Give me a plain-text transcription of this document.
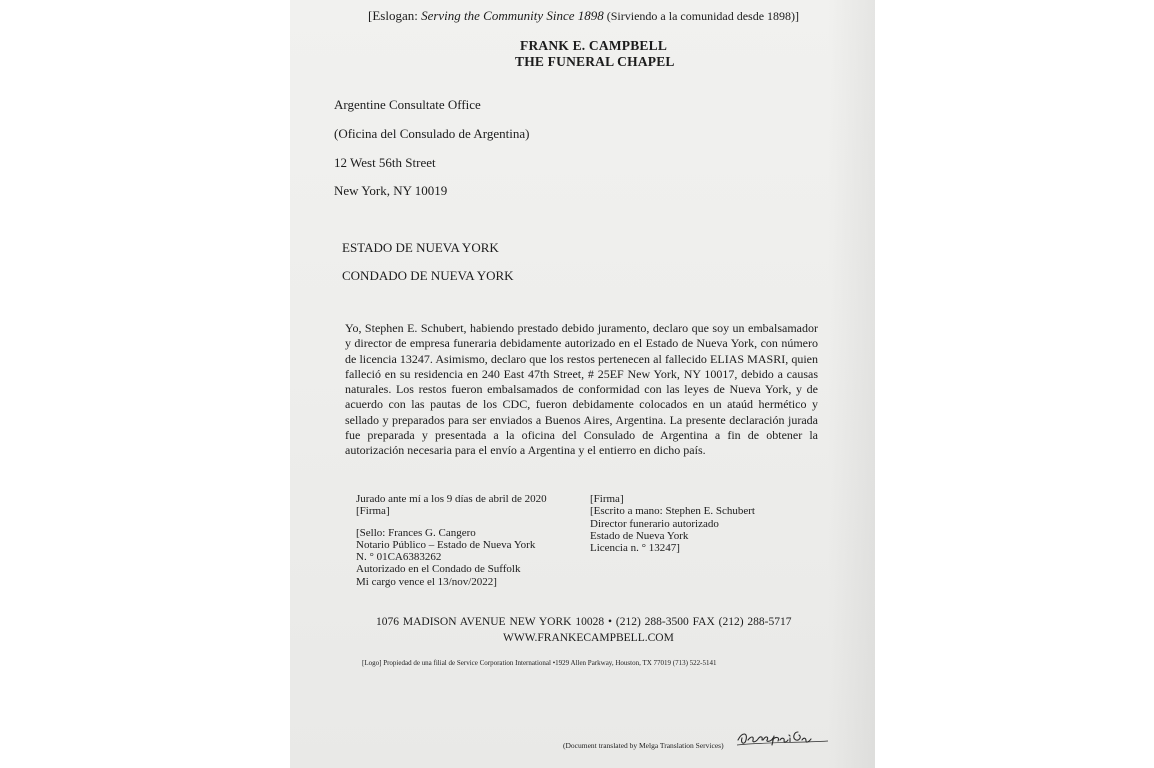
[Eslogan: Serving the Community Since 1898 (Sirviendo a la comunidad desde 1898)]
FRANK E. CAMPBELL
THE FUNERAL CHAPEL
Argentine Consultate Office
(Oficina del Consulado de Argentina)
12 West 56th Street
New York, NY 10019
ESTADO DE NUEVA YORK
CONDADO DE NUEVA YORK
Yo, Stephen E. Schubert, habiendo prestado debido juramento, declaro que soy un embalsamador y director de empresa funeraria debidamente autorizado en el Estado de Nueva York, con número de licencia 13247. Asimismo, declaro que los restos pertenecen al fallecido ELIAS MASRI, quien falleció en su residencia en 240 East 47th Street, # 25EF New York, NY 10017, debido a causas naturales. Los restos fueron embalsamados de conformidad con las leyes de Nueva York, y de acuerdo con las pautas de los CDC, fueron debidamente colocados en un ataúd hermético y sellado y preparados para ser enviados a Buenos Aires, Argentina. La presente declaración jurada fue preparada y presentada a la oficina del Consulado de Argentina a fin de obtener la autorización necesaria para el envío a Argentina y el entierro en dicho país.
Jurado ante mí a los 9 días de abril de 2020
[Firma]
[Sello: Frances G. Cangero
Notario Público – Estado de Nueva York
N. ° 01CA6383262
Autorizado en el Condado de Suffolk
Mi cargo vence el 13/nov/2022]
[Firma]
[Escrito a mano: Stephen E. Schubert
Director funerario autorizado
Estado de Nueva York
Licencia n. ° 13247]
1076 MADISON AVENUE NEW YORK 10028 • (212) 288-3500 FAX (212) 288-5717
WWW.FRANKECAMPBELL.COM
[Logo] Propiedad de una filial de Service Corporation International •1929 Allen Parkway, Houston, TX 77019 (713) 522-5141
(Document translated by Melga Translation Services)
